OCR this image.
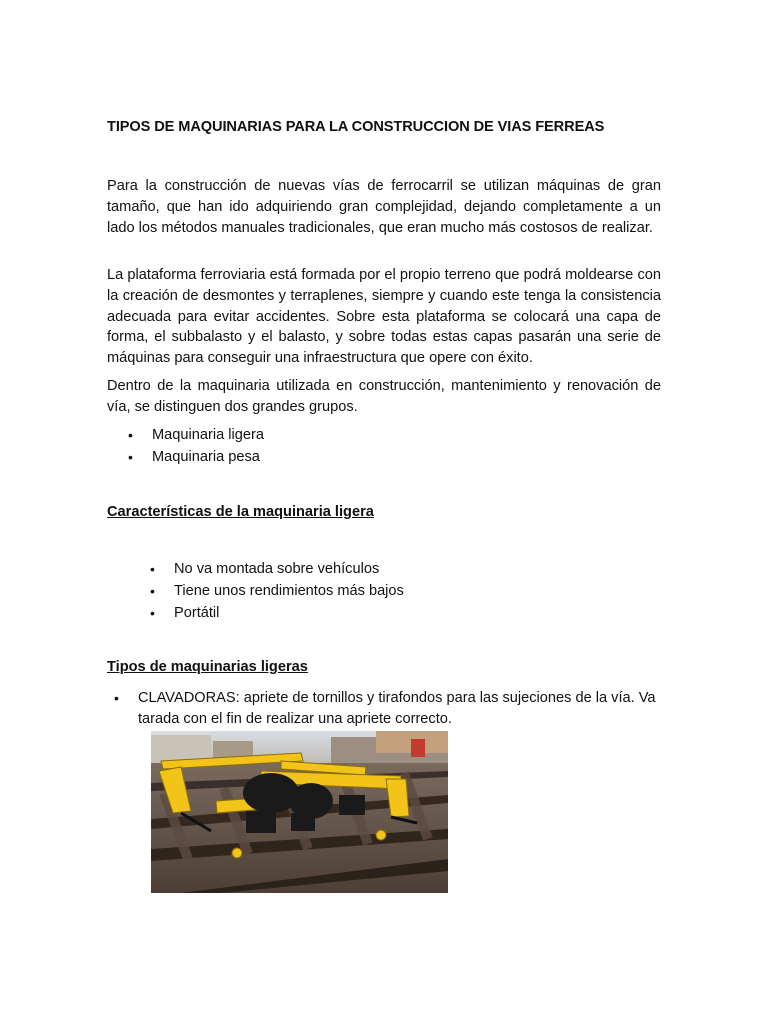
TIPOS DE MAQUINARIAS PARA LA CONSTRUCCION DE VIAS FERREAS

Para la construcción de nuevas vías de ferrocarril se utilizan máquinas de gran tamaño, que han ido adquiriendo gran complejidad, dejando completamente a un lado los métodos manuales tradicionales, que eran mucho más costosos de realizar.

La plataforma ferroviaria está formada por el propio terreno que podrá moldearse con la creación de desmontes y terraplenes, siempre y cuando este tenga la consistencia adecuada para evitar accidentes. Sobre esta plataforma se colocará una capa de forma, el subbalasto y el balasto, y sobre todas estas capas pasarán una serie de máquinas para conseguir una infraestructura que opere con éxito.

Dentro de la maquinaria utilizada en construcción, mantenimiento y renovación de vía, se distinguen dos grandes grupos.

• Maquinaria ligera
• Maquinaria pesa
Características de la maquinaria ligera
• No va montada sobre vehículos
• Tiene unos rendimientos más bajos
• Portátil
Tipos de maquinarias ligeras
• CLAVADORAS: apriete de tornillos y tirafondos para las sujeciones de la vía. Va tarada con el fin de realizar una apriete correcto.
